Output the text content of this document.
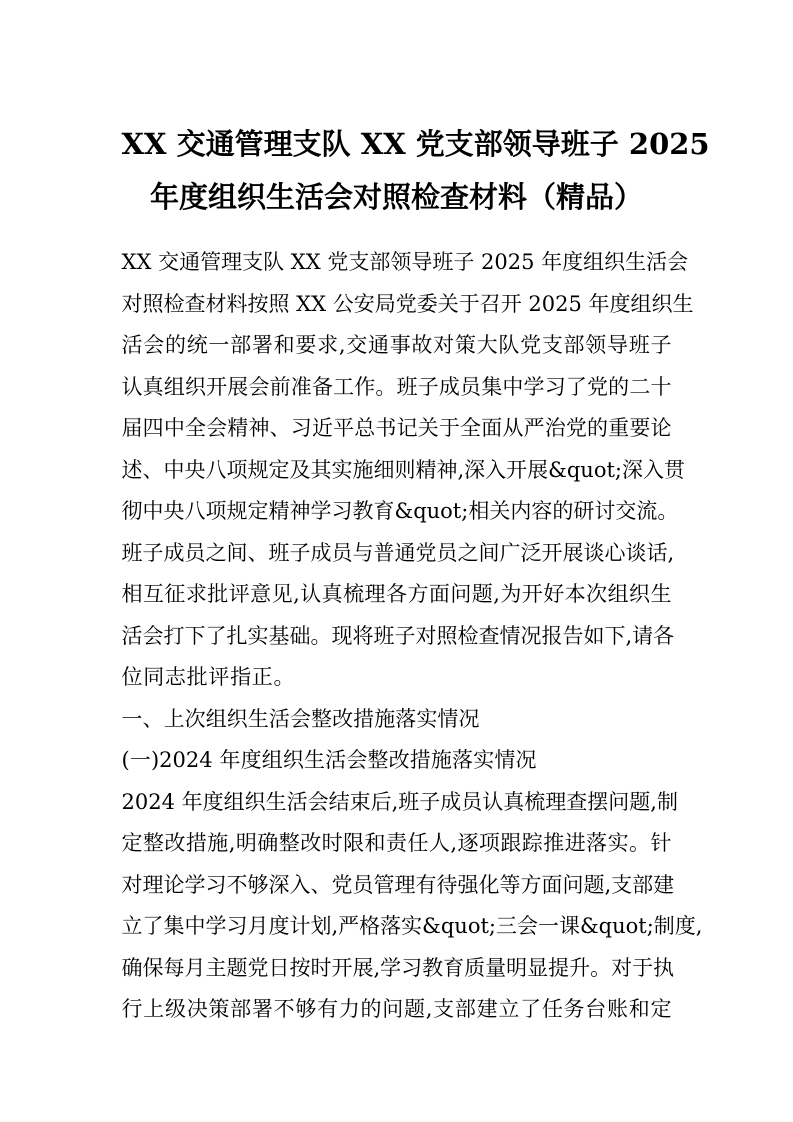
XX 交通管理支队 XX 党支部领导班子 2025
年度组织生活会对照检查材料（精品）
XX 交通管理支队 XX 党支部领导班子 2025 年度组织生活会
对照检查材料按照 XX 公安局党委关于召开 2025 年度组织生
活会的统一部署和要求,交通事故对策大队党支部领导班子
认真组织开展会前准备工作。班子成员集中学习了党的二十
届四中全会精神、习近平总书记关于全面从严治党的重要论
述、中央八项规定及其实施细则精神,深入开展&quot;深入贯
彻中央八项规定精神学习教育&quot;相关内容的研讨交流。
班子成员之间、班子成员与普通党员之间广泛开展谈心谈话,
相互征求批评意见,认真梳理各方面问题,为开好本次组织生
活会打下了扎实基础。现将班子对照检查情况报告如下,请各
位同志批评指正。
一、上次组织生活会整改措施落实情况
(一)2024 年度组织生活会整改措施落实情况
2024 年度组织生活会结束后,班子成员认真梳理查摆问题,制
定整改措施,明确整改时限和责任人,逐项跟踪推进落实。针
对理论学习不够深入、党员管理有待强化等方面问题,支部建
立了集中学习月度计划,严格落实&quot;三会一课&quot;制度,
确保每月主题党日按时开展,学习教育质量明显提升。对于执
行上级决策部署不够有力的问题,支部建立了任务台账和定
